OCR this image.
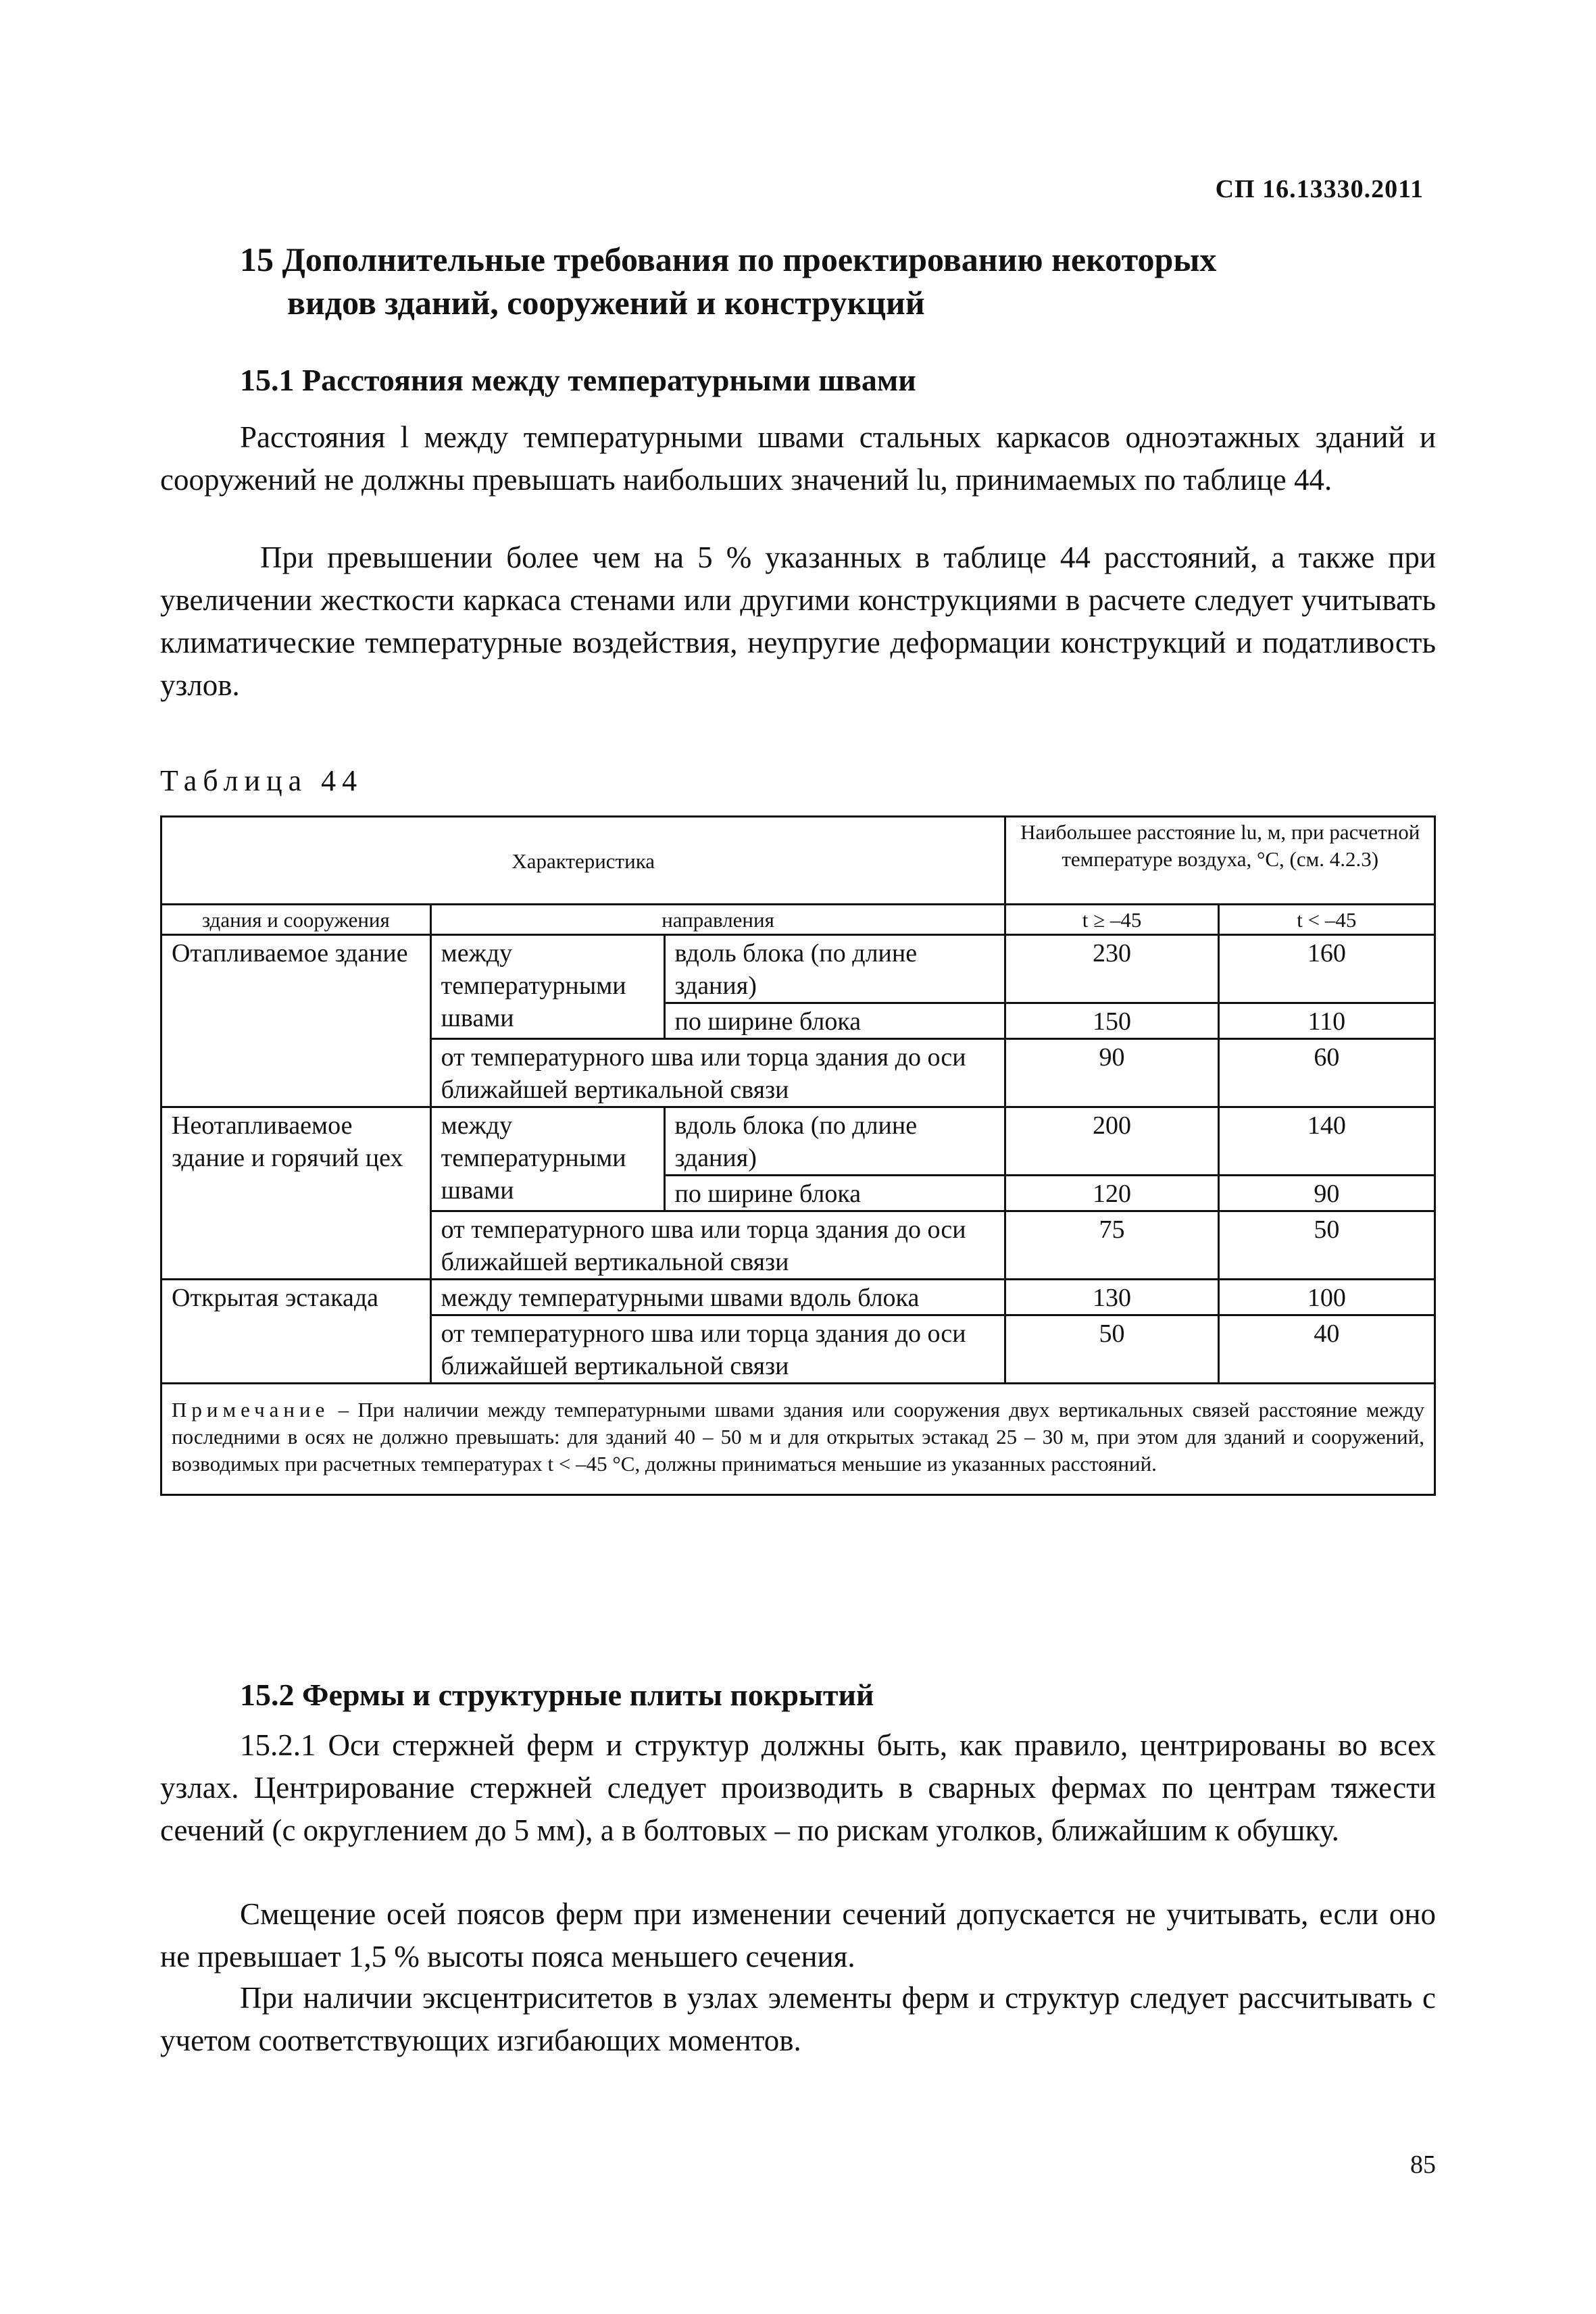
СП 16.13330.2011
15 Дополнительные требования по проектированию некоторых
видов зданий, сооружений и конструкций
15.1 Расстояния между температурными швами
Расстояния l между температурными швами стальных каркасов одноэтажных зданий и сооружений не должны превышать наибольших значений lu, принимаемых по таблице 44.
При превышении более чем на 5 % указанных в таблице 44 расстояний, а также при увеличении жесткости каркаса стенами или другими конструкциями в расчете следует учитывать климатические температурные воздействия, неупругие деформации конструкций и податливость узлов.
Таблица 44
Характеристика			Наибольшее расстояние lu, м, при расчетной температуре воздуха, °С, (см. 4.2.3)	
здания и сооружения	направления		t ≥ –45	t < –45
Отапливаемое здание	между температурными швами	вдоль блока (по длине здания)	230	160
		по ширине блока	150	110
	от температурного шва или торца здания до оси ближайшей вертикальной связи		90	60
Неотапливаемое здание и горячий цех	между температурными швами	вдоль блока (по длине здания)	200	140
		по ширине блока	120	90
	от температурного шва или торца здания до оси ближайшей вертикальной связи		75	50
Открытая эстакада	между температурными швами вдоль блока		130	100
	от температурного шва или торца здания до оси ближайшей вертикальной связи		50	40
Примечание – При наличии между температурными швами здания или сооружения двух вертикальных связей расстояние между последними в осях не должно превышать: для зданий 40 – 50 м и для открытых эстакад 25 – 30 м, при этом для зданий и сооружений, возводимых при расчетных температурах t < –45 °С, должны приниматься меньшие из указанных расстояний.				
15.2 Фермы и структурные плиты покрытий
15.2.1 Оси стержней ферм и структур должны быть, как правило, центрированы во всех узлах. Центрирование стержней следует производить в сварных фермах по центрам тяжести сечений (с округлением до 5 мм), а в болтовых – по рискам уголков, ближайшим к обушку.
Смещение осей поясов ферм при изменении сечений допускается не учитывать, если оно не превышает 1,5 % высоты пояса меньшего сечения.
При наличии эксцентриситетов в узлах элементы ферм и структур следует рассчитывать с учетом соответствующих изгибающих моментов.
85
